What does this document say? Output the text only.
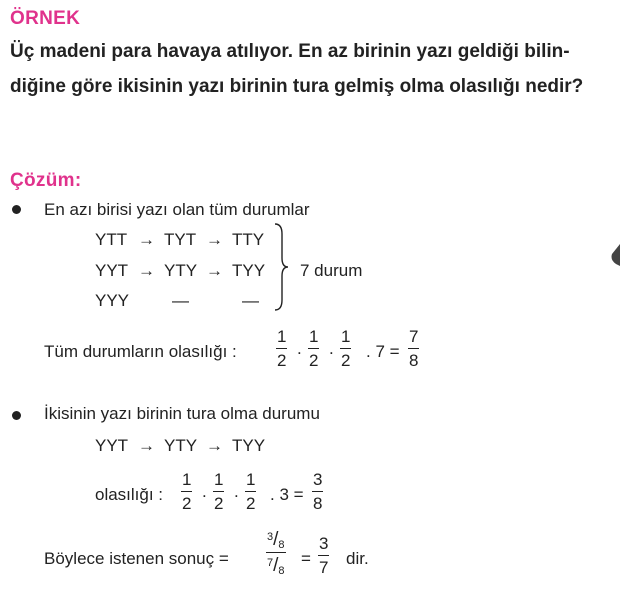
ÖRNEK
Üç madeni para havaya atılıyor. En az birinin yazı geldiği bilin-
diğine göre ikisinin yazı birinin tura gelmiş olma olasılığı nedir?
Çözüm:
En azı birisi yazı olan tüm durumlar
YTT → TYT → TTY
YYT → YTY → TYY
YYY	—	—
7 durum
Tüm durumların olasılığı : $\frac{1}{2}$ . $\frac{1}{2}$ . $\frac{1}{2}$ . $7 = \frac{7}{8}$
İkisinin yazı birinin tura olma durumu
YYT → YTY → TYY
olasılığı : $\frac{1}{2}$ . $\frac{1}{2}$ . $\frac{1}{2}$ . $3 = \frac{3}{8}$
Böylece istenen sonuç =	$\frac{^3/8}{^7/8} = \frac{3}{7}$ dir.
